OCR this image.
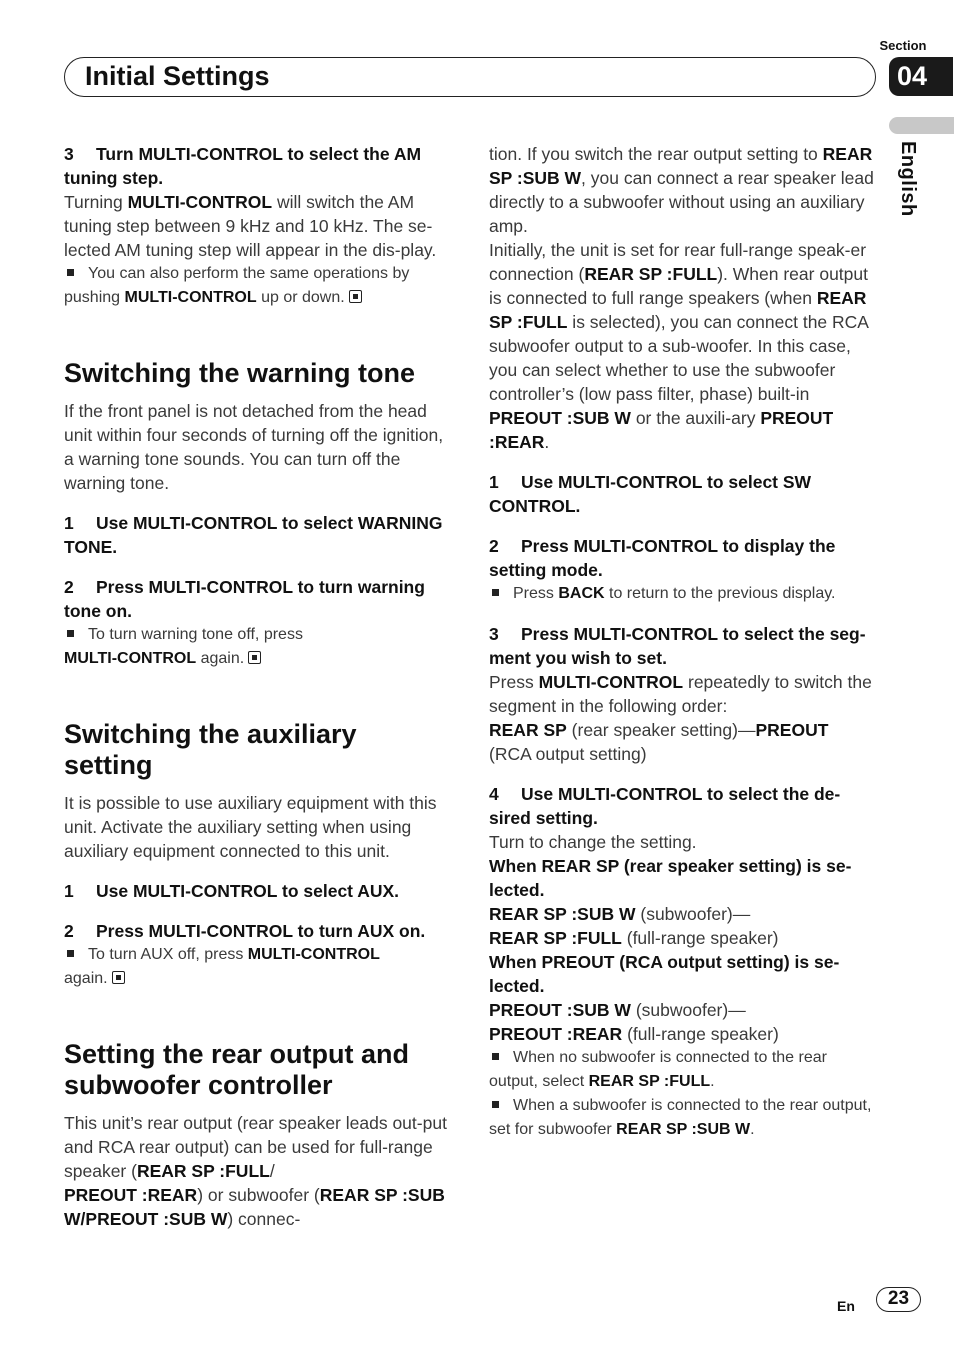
Section
04
Initial Settings
English

3 Turn MULTI-CONTROL to select the AM tuning step.

Turning MULTI-CONTROL will switch the AM tuning step between 9 kHz and 10 kHz. The se-lected AM tuning step will appear in the dis-play.

You can also perform the same operations by pushing MULTI-CONTROL up or down.

Switching the warning tone

If the front panel is not detached from the head unit within four seconds of turning off the ignition, a warning tone sounds. You can turn off the warning tone.

1 Use MULTI-CONTROL to select WARNING TONE.

2 Press MULTI-CONTROL to turn warning tone on.

To turn warning tone off, press
MULTI-CONTROL again.

Switching the auxiliary setting

It is possible to use auxiliary equipment with this unit. Activate the auxiliary setting when using auxiliary equipment connected to this unit.

1 Use MULTI-CONTROL to select AUX.

2 Press MULTI-CONTROL to turn AUX on.

To turn AUX off, press MULTI-CONTROL
again.

Setting the rear output and subwoofer controller

This unit’s rear output (rear speaker leads out-put and RCA rear output) can be used for full-range speaker (REAR SP :FULL/
PREOUT :REAR) or subwoofer (REAR SP :SUB W/PREOUT :SUB W) connec-

tion. If you switch the rear output setting to REAR SP :SUB W, you can connect a rear speaker lead directly to a subwoofer without using an auxiliary amp.

Initially, the unit is set for rear full-range speak-er connection (REAR SP :FULL). When rear output is connected to full range speakers (when REAR SP :FULL is selected), you can connect the RCA subwoofer output to a sub-woofer. In this case, you can select whether to use the subwoofer controller’s (low pass filter, phase) built-in PREOUT :SUB W or the auxili-ary PREOUT :REAR.

1 Use MULTI-CONTROL to select SW CONTROL.

2 Press MULTI-CONTROL to display the setting mode.

Press BACK to return to the previous display.

3 Press MULTI-CONTROL to select the seg-ment you wish to set.

Press MULTI-CONTROL repeatedly to switch the segment in the following order:
REAR SP (rear speaker setting)—PREOUT
(RCA output setting)

4 Use MULTI-CONTROL to select the de-sired setting.

Turn to change the setting.

When REAR SP (rear speaker setting) is se-lected.

REAR SP :SUB W (subwoofer)—
REAR SP :FULL (full-range speaker)

When PREOUT (RCA output setting) is se-lected.

PREOUT :SUB W (subwoofer)—
PREOUT :REAR (full-range speaker)

When no subwoofer is connected to the rear output, select REAR SP :FULL.

When a subwoofer is connected to the rear output, set for subwoofer REAR SP :SUB W.

En	23
